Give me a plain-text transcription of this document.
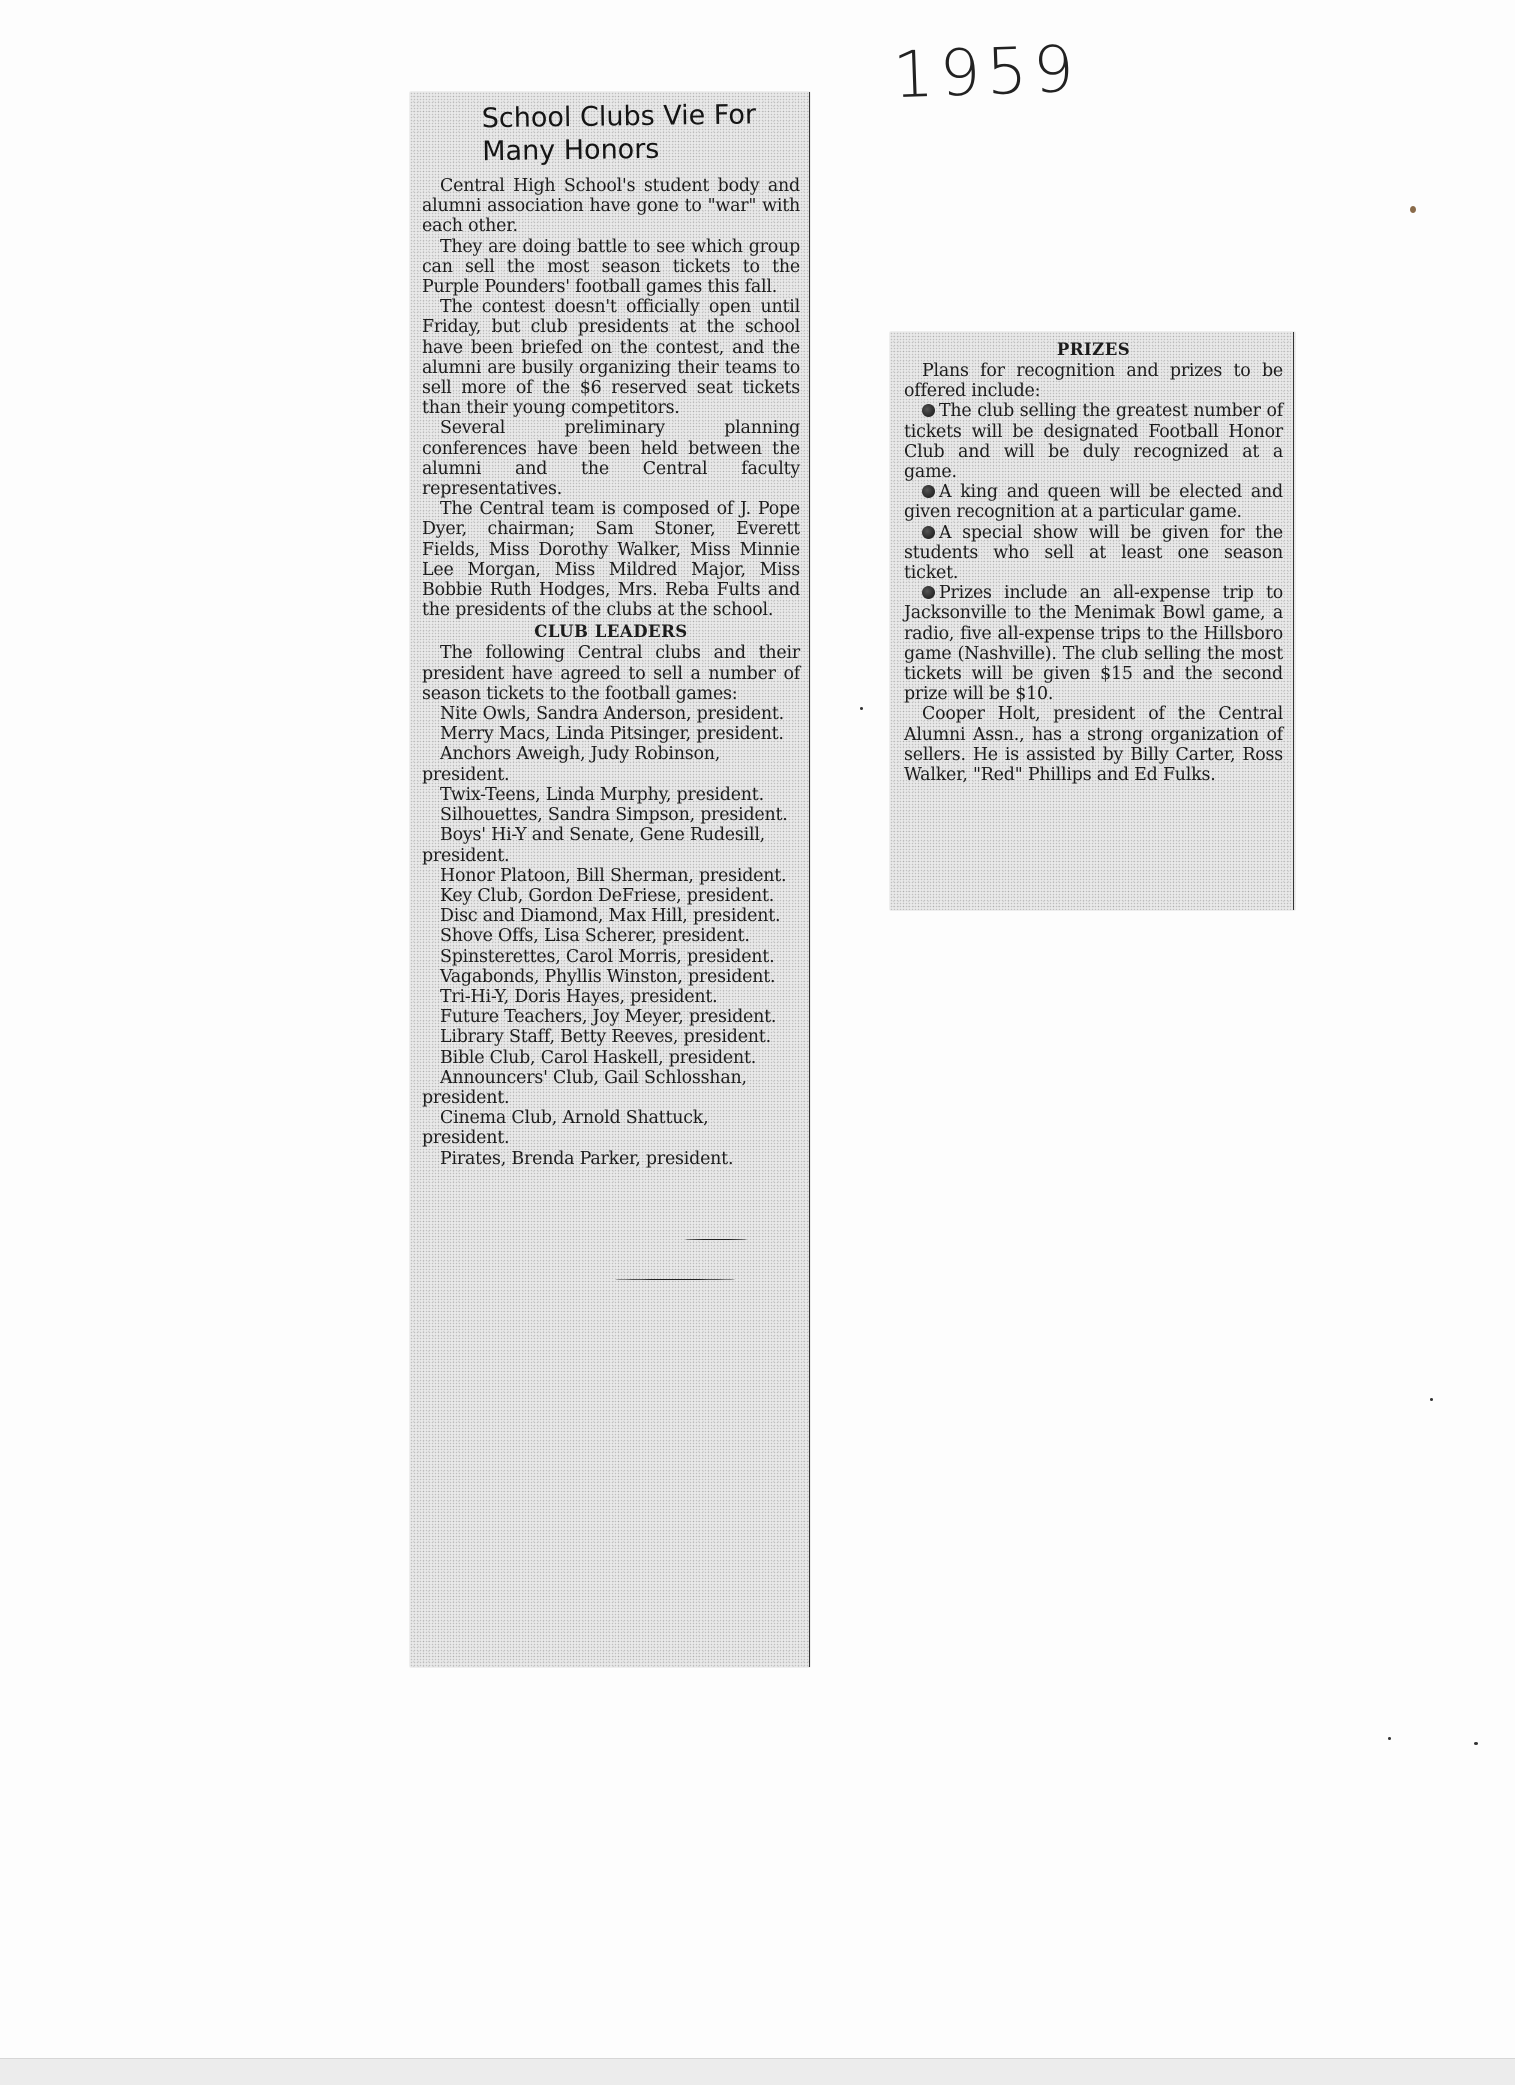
1959
School Clubs Vie For Many Honors

Central High School's student body and alumni association have gone to "war" with each other.

They are doing battle to see which group can sell the most season tickets to the Purple Pounders' football games this fall.

The contest doesn't officially open until Friday, but club presidents at the school have been briefed on the contest, and the alumni are busily organizing their teams to sell more of the $6 reserved seat tickets than their young competitors.

Several preliminary planning conferences have been held between the alumni and the Central faculty representatives.

The Central team is composed of J. Pope Dyer, chairman; Sam Stoner, Everett Fields, Miss Dorothy Walker, Miss Minnie Lee Morgan, Miss Mildred Major, Miss Bobbie Ruth Hodges, Mrs. Reba Fults and the presidents of the clubs at the school.

CLUB LEADERS

The following Central clubs and their president have agreed to sell a number of season tickets to the football games:

Nite Owls, Sandra Anderson, president.

Merry Macs, Linda Pitsinger, president.

Anchors Aweigh, Judy Robinson, president.

Twix-Teens, Linda Murphy, president.

Silhouettes, Sandra Simpson, president.

Boys' Hi-Y and Senate, Gene Rudesill, president.

Honor Platoon, Bill Sherman, president.

Key Club, Gordon DeFriese, president.

Disc and Diamond, Max Hill, president.

Shove Offs, Lisa Scherer, president.

Spinsterettes, Carol Morris, president.

Vagabonds, Phyllis Winston, president.

Tri-Hi-Y, Doris Hayes, president.

Future Teachers, Joy Meyer, president.

Library Staff, Betty Reeves, president.

Bible Club, Carol Haskell, president.

Announcers' Club, Gail Schlosshan, president.

Cinema Club, Arnold Shattuck, president.

Pirates, Brenda Parker, president.

PRIZES

Plans for recognition and prizes to be offered include:

The club selling the greatest number of tickets will be designated Football Honor Club and will be duly recognized at a game.

A king and queen will be elected and given recognition at a particular game.

A special show will be given for the students who sell at least one season ticket.

Prizes include an all-expense trip to Jacksonville to the Menimak Bowl game, a radio, five all-expense trips to the Hillsboro game (Nashville). The club selling the most tickets will be given $15 and the second prize will be $10.

Cooper Holt, president of the Central Alumni Assn., has a strong organization of sellers. He is assisted by Billy Carter, Ross Walker, "Red" Phillips and Ed Fulks.
